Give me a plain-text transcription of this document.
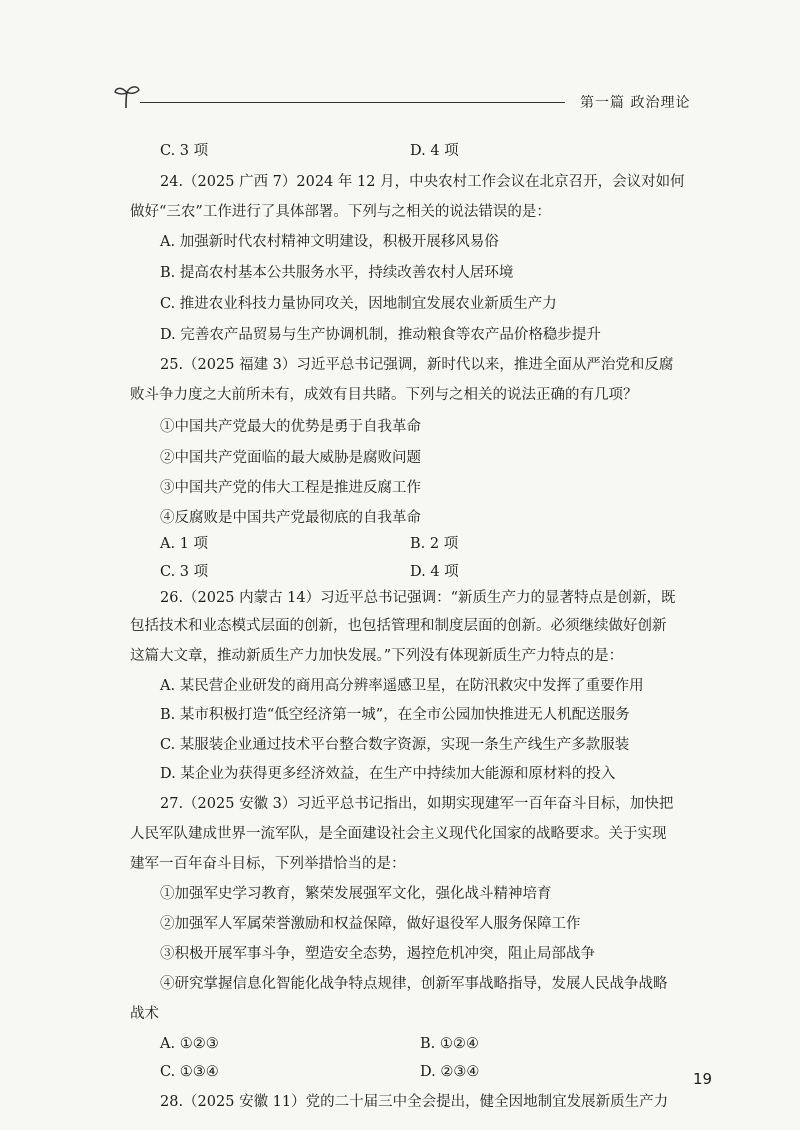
第一篇 政治理论
C. 3 项	D. 4 项
24.（2025 广西 7）2024 年 12 月，中央农村工作会议在北京召开，会议对如何
做好“三农”工作进行了具体部署。下列与之相关的说法错误的是：
A. 加强新时代农村精神文明建设，积极开展移风易俗
B. 提高农村基本公共服务水平，持续改善农村人居环境
C. 推进农业科技力量协同攻关，因地制宜发展农业新质生产力
D. 完善农产品贸易与生产协调机制，推动粮食等农产品价格稳步提升
25.（2025 福建 3）习近平总书记强调，新时代以来，推进全面从严治党和反腐
败斗争力度之大前所未有，成效有目共睹。下列与之相关的说法正确的有几项？
①中国共产党最大的优势是勇于自我革命
②中国共产党面临的最大威胁是腐败问题
③中国共产党的伟大工程是推进反腐工作
④反腐败是中国共产党最彻底的自我革命
A. 1 项	B. 2 项
C. 3 项	D. 4 项
26.（2025 内蒙古 14）习近平总书记强调：“新质生产力的显著特点是创新，既
包括技术和业态模式层面的创新，也包括管理和制度层面的创新。必须继续做好创新
这篇大文章，推动新质生产力加快发展。”下列没有体现新质生产力特点的是：
A. 某民营企业研发的商用高分辨率遥感卫星，在防汛救灾中发挥了重要作用
B. 某市积极打造“低空经济第一城”，在全市公园加快推进无人机配送服务
C. 某服装企业通过技术平台整合数字资源，实现一条生产线生产多款服装
D. 某企业为获得更多经济效益，在生产中持续加大能源和原材料的投入
27.（2025 安徽 3）习近平总书记指出，如期实现建军一百年奋斗目标，加快把
人民军队建成世界一流军队，是全面建设社会主义现代化国家的战略要求。关于实现
建军一百年奋斗目标，下列举措恰当的是：
①加强军史学习教育，繁荣发展强军文化，强化战斗精神培育
②加强军人军属荣誉激励和权益保障，做好退役军人服务保障工作
③积极开展军事斗争，塑造安全态势，遏控危机冲突，阻止局部战争
④研究掌握信息化智能化战争特点规律，创新军事战略指导，发展人民战争战略
战术
A. ①②③	B. ①②④
C. ①③④	D. ②③④
28.（2025 安徽 11）党的二十届三中全会提出，健全因地制宜发展新质生产力
19
